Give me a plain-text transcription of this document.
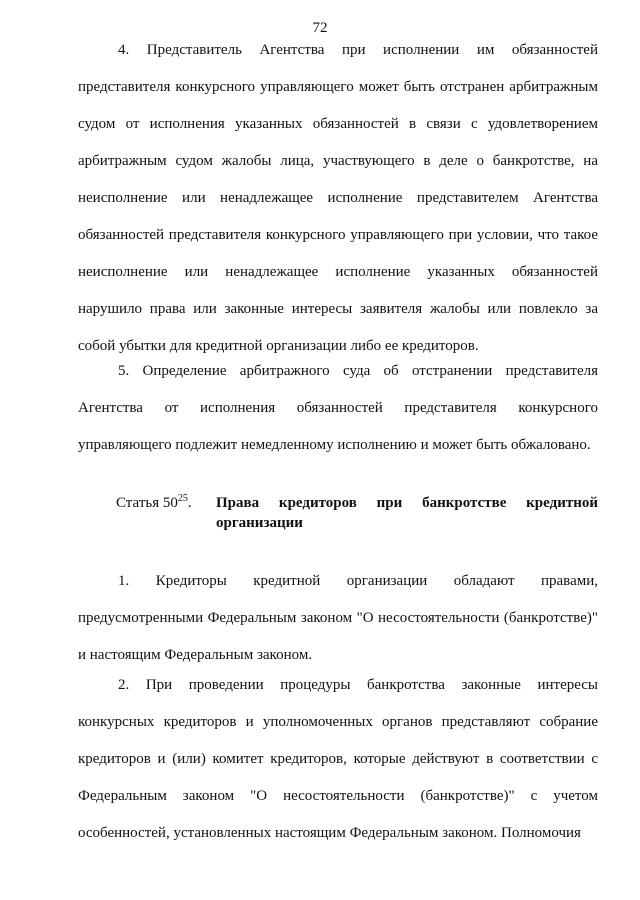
72

4. Представитель Агентства при исполнении им обязанностей представителя конкурсного управляющего может быть отстранен арбитражным судом от исполнения указанных обязанностей в связи с удовлетворением арбитражным судом жалобы лица, участвующего в деле о банкротстве, на неисполнение или ненадлежащее исполнение представителем Агентства обязанностей представителя конкурсного управляющего при условии, что такое неисполнение или ненадлежащее исполнение указанных обязанностей нарушило права или законные интересы заявителя жалобы или повлекло за собой убытки для кредитной организации либо ее кредиторов.

5. Определение арбитражного суда об отстранении представителя Агентства от исполнения обязанностей представителя конкурсного управляющего подлежит немедленному исполнению и может быть обжаловано.

Статья $50^{25}$. Права кредиторов при банкротстве кредитной организации

1. Кредиторы кредитной организации обладают правами, предусмотренными Федеральным законом "О несостоятельности (банкротстве)" и настоящим Федеральным законом.

2. При проведении процедуры банкротства законные интересы конкурсных кредиторов и уполномоченных органов представляют собрание кредиторов и (или) комитет кредиторов, которые действуют в соответствии с Федеральным законом "О несостоятельности (банкротстве)" с учетом особенностей, установленных настоящим Федеральным законом. Полномочия
